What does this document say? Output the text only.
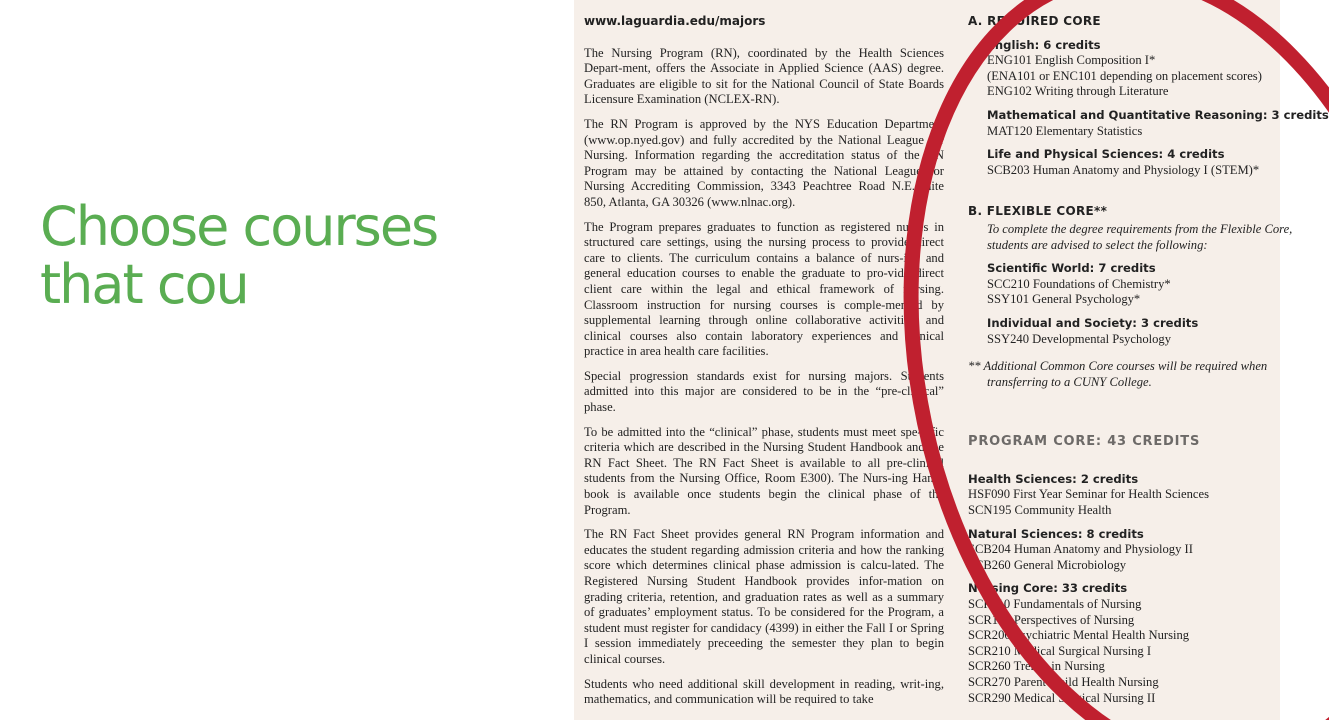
Choose courses
that cou
www.laguardia.edu/majors

The Nursing Program (RN), coordinated by the Health Sciences Depart-ment, offers the Associate in Applied Science (AAS) degree. Graduates are eligible to sit for the National Council of State Boards Licensure Examination (NCLEX-RN).

The RN Program is approved by the NYS Education Department (www.op.nyed.gov) and fully accredited by the National League for Nursing. Information regarding the accreditation status of the RN Program may be attained by contacting the National League for Nursing Accrediting Commission, 3343 Peachtree Road N.E.,Suite 850, Atlanta, GA 30326 (www.nlnac.org).

The Program prepares graduates to function as registered nurses in structured care settings, using the nursing process to provide direct care to clients. The curriculum contains a balance of nurs-ing and general education courses to enable the graduate to pro-vide direct client care within the legal and ethical framework of nursing. Classroom instruction for nursing courses is comple-mented by supplemental learning through online collaborative activities, and clinical courses also contain laboratory experiences and clinical practice in area health care facilities.

Special progression standards exist for nursing majors. Students admitted into this major are considered to be in the “pre-clinical” phase.

To be admitted into the “clinical” phase, students must meet spe-cific criteria which are described in the Nursing Student Handbook and the RN Fact Sheet. The RN Fact Sheet is available to all pre-clinical students from the Nursing Office, Room E300). The Nurs-ing Hand- book is available once students begin the clinical phase of the Program.

The RN Fact Sheet provides general RN Program information and educates the student regarding admission criteria and how the ranking score which determines clinical phase admission is calcu-lated. The Registered Nursing Student Handbook provides infor-mation on grading criteria, retention, and graduation rates as well as a summary of graduates’ employment status. To be considered for the Program, a student must register for candidacy (4399) in either the Fall I or Spring I session immediately preceeding the semester they plan to begin clinical courses.

Students who need additional skill development in reading, writ-ing, mathematics, and communication will be required to take

A. REQUIRED CORE
English: 6 credits
ENG101 English Composition I*
(ENA101 or ENC101 depending on placement scores)
ENG102 Writing through Literature
Mathematical and Quantitative Reasoning: 3 credits
MAT120 Elementary Statistics
Life and Physical Sciences: 4 credits
SCB203 Human Anatomy and Physiology I (STEM)*
B. FLEXIBLE CORE**
To complete the degree requirements from the Flexible Core,
students are advised to select the following:
Scientific World: 7 credits
SCC210 Foundations of Chemistry*
SSY101 General Psychology*
Individual and Society: 3 credits
SSY240 Developmental Psychology
** Additional Common Core courses will be required when
transferring to a CUNY College.
PROGRAM CORE: 43 CREDITS
Health Sciences: 2 credits
HSF090 First Year Seminar for Health Sciences
SCN195 Community Health
Natural Sciences: 8 credits
SCB204 Human Anatomy and Physiology II
SCB260 General Microbiology
Nursing Core: 33 credits
SCR110 Fundamentals of Nursing
SCR150 Perspectives of Nursing
SCR200 Psychiatric Mental Health Nursing
SCR210 Medical Surgical Nursing I
SCR260 Trends in Nursing
SCR270 Parent-Child Health Nursing
SCR290 Medical Surgical Nursing II
